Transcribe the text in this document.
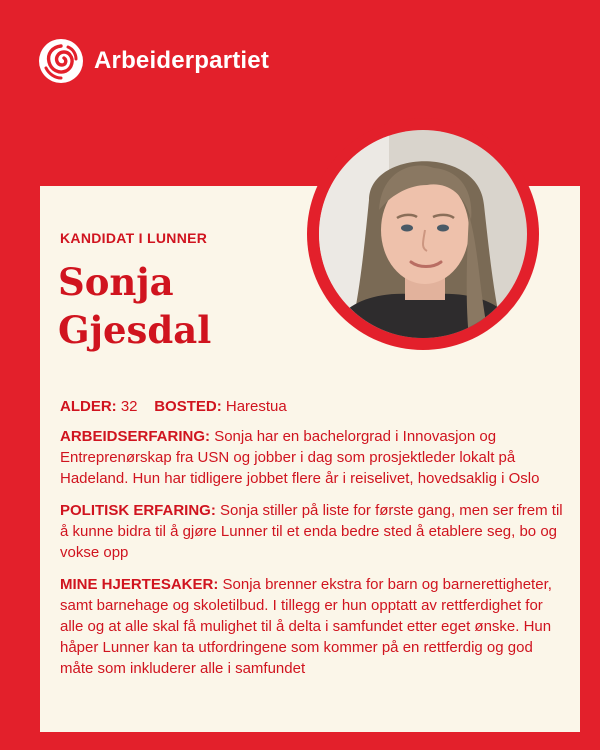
Arbeiderpartiet

KANDIDAT I LUNNER

Sonja
Gjesdal

ALDER: 32 BOSTED: Harestua

ARBEIDSERFARING: Sonja har en bachelorgrad i Innovasjon og Entreprenørskap fra USN og jobber i dag som prosjektleder lokalt på Hadeland. Hun har tidligere jobbet flere år i reiselivet, hovedsaklig i Oslo

POLITISK ERFARING: Sonja stiller på liste for første gang, men ser frem til å kunne bidra til å gjøre Lunner til et enda bedre sted å etablere seg, bo og vokse opp

MINE HJERTESAKER: Sonja brenner ekstra for barn og barnerettigheter, samt barnehage og skoletilbud. I tillegg er hun opptatt av rettferdighet for alle og at alle skal få mulighet til å delta i samfundet etter eget ønske. Hun håper Lunner kan ta utfordringene som kommer på en rettferdig og god måte som inkluderer alle i samfundet
